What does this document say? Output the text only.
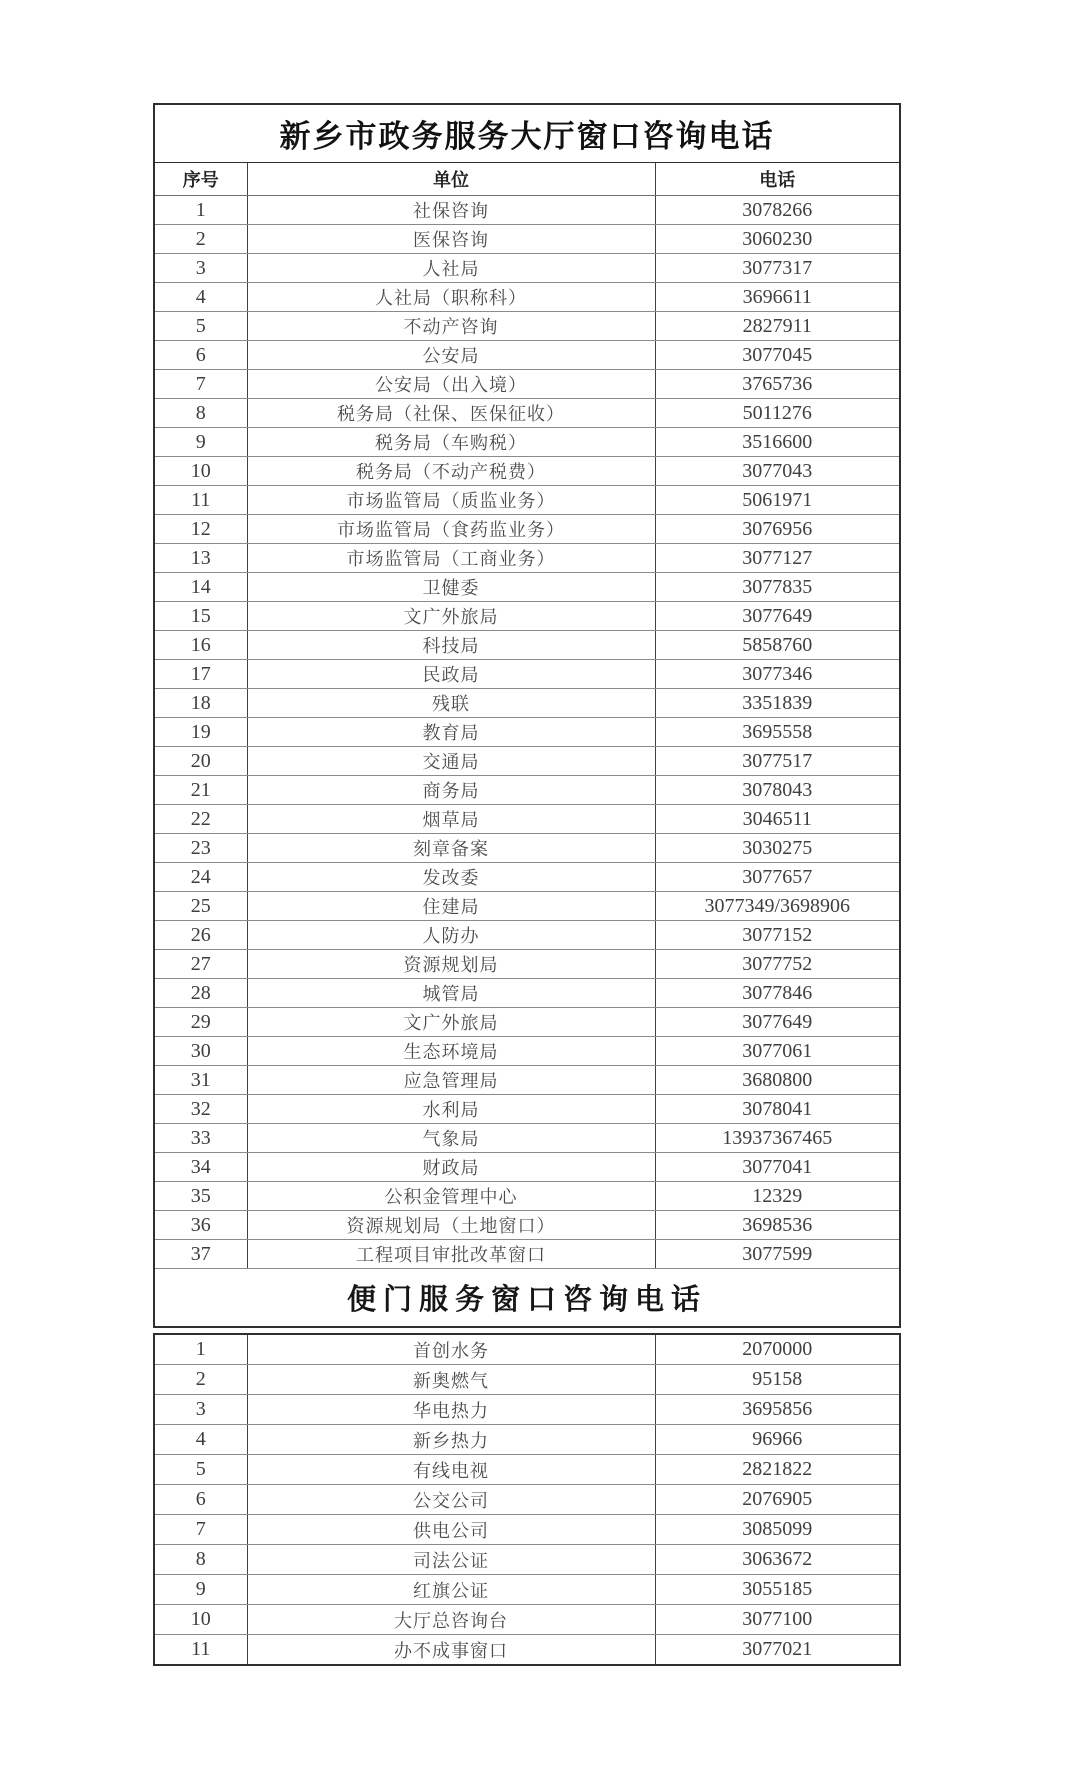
新乡市政务服务大厅窗口咨询电话		
序号	单位	电话
1	社保咨询	3078266
2	医保咨询	3060230
3	人社局	3077317
4	人社局（职称科）	3696611
5	不动产咨询	2827911
6	公安局	3077045
7	公安局（出入境）	3765736
8	税务局（社保、医保征收）	5011276
9	税务局（车购税）	3516600
10	税务局（不动产税费）	3077043
11	市场监管局（质监业务）	5061971
12	市场监管局（食药监业务）	3076956
13	市场监管局（工商业务）	3077127
14	卫健委	3077835
15	文广外旅局	3077649
16	科技局	5858760
17	民政局	3077346
18	残联	3351839
19	教育局	3695558
20	交通局	3077517
21	商务局	3078043
22	烟草局	3046511
23	刻章备案	3030275
24	发改委	3077657
25	住建局	3077349/3698906
26	人防办	3077152
27	资源规划局	3077752
28	城管局	3077846
29	文广外旅局	3077649
30	生态环境局	3077061
31	应急管理局	3680800
32	水利局	3078041
33	气象局	13937367465
34	财政局	3077041
35	公积金管理中心	12329
36	资源规划局（土地窗口）	3698536
37	工程项目审批改革窗口	3077599
便门服务窗口咨询电话		
1	首创水务	2070000
2	新奥燃气	95158
3	华电热力	3695856
4	新乡热力	96966
5	有线电视	2821822
6	公交公司	2076905
7	供电公司	3085099
8	司法公证	3063672
9	红旗公证	3055185
10	大厅总咨询台	3077100
11	办不成事窗口	3077021
